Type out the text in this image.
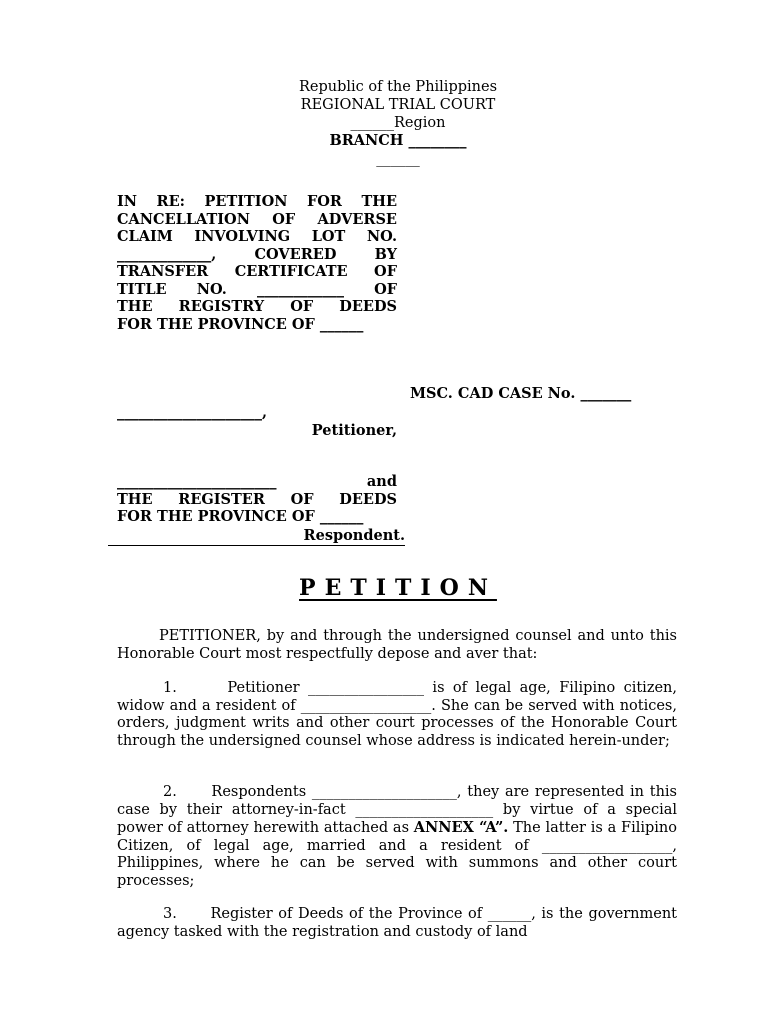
Republic of the Philippines
REGIONAL TRIAL COURT
______Region
BRANCH ________
______
IN RE: PETITION FOR THE
CANCELLATION OF ADVERSE
CLAIM INVOLVING LOT NO.
_____________, COVERED BY
TRANSFER CERTIFICATE OF
TITLE NO. ____________ OF
THE REGISTRY OF DEEDS
FOR THE PROVINCE OF ______
MSC. CAD CASE No. _______
____________________,
Petitioner,
______________________   and
THE REGISTER OF DEEDS
FOR THE PROVINCE OF ______
Respondent.
PETITION
PETITIONER, by and through the undersigned counsel and unto this Honorable Court most respectfully depose and aver that:
1.      Petitioner ________________ is of legal age, Filipino citizen, widow and a resident of __________________. She can be served with notices, orders, judgment writs and other court processes of the Honorable Court through the undersigned counsel whose address is indicated herein-under;
2.      Respondents ____________________, they are represented in this case by their attorney-in-fact ___________________ by virtue of a special power of attorney herewith attached as ANNEX “A”. The latter is a Filipino Citizen, of legal age, married and a resident of __________________, Philippines, where he can be served with summons and other court processes;
3.      Register of Deeds of the Province of ______, is the government agency tasked with the registration and custody of land
